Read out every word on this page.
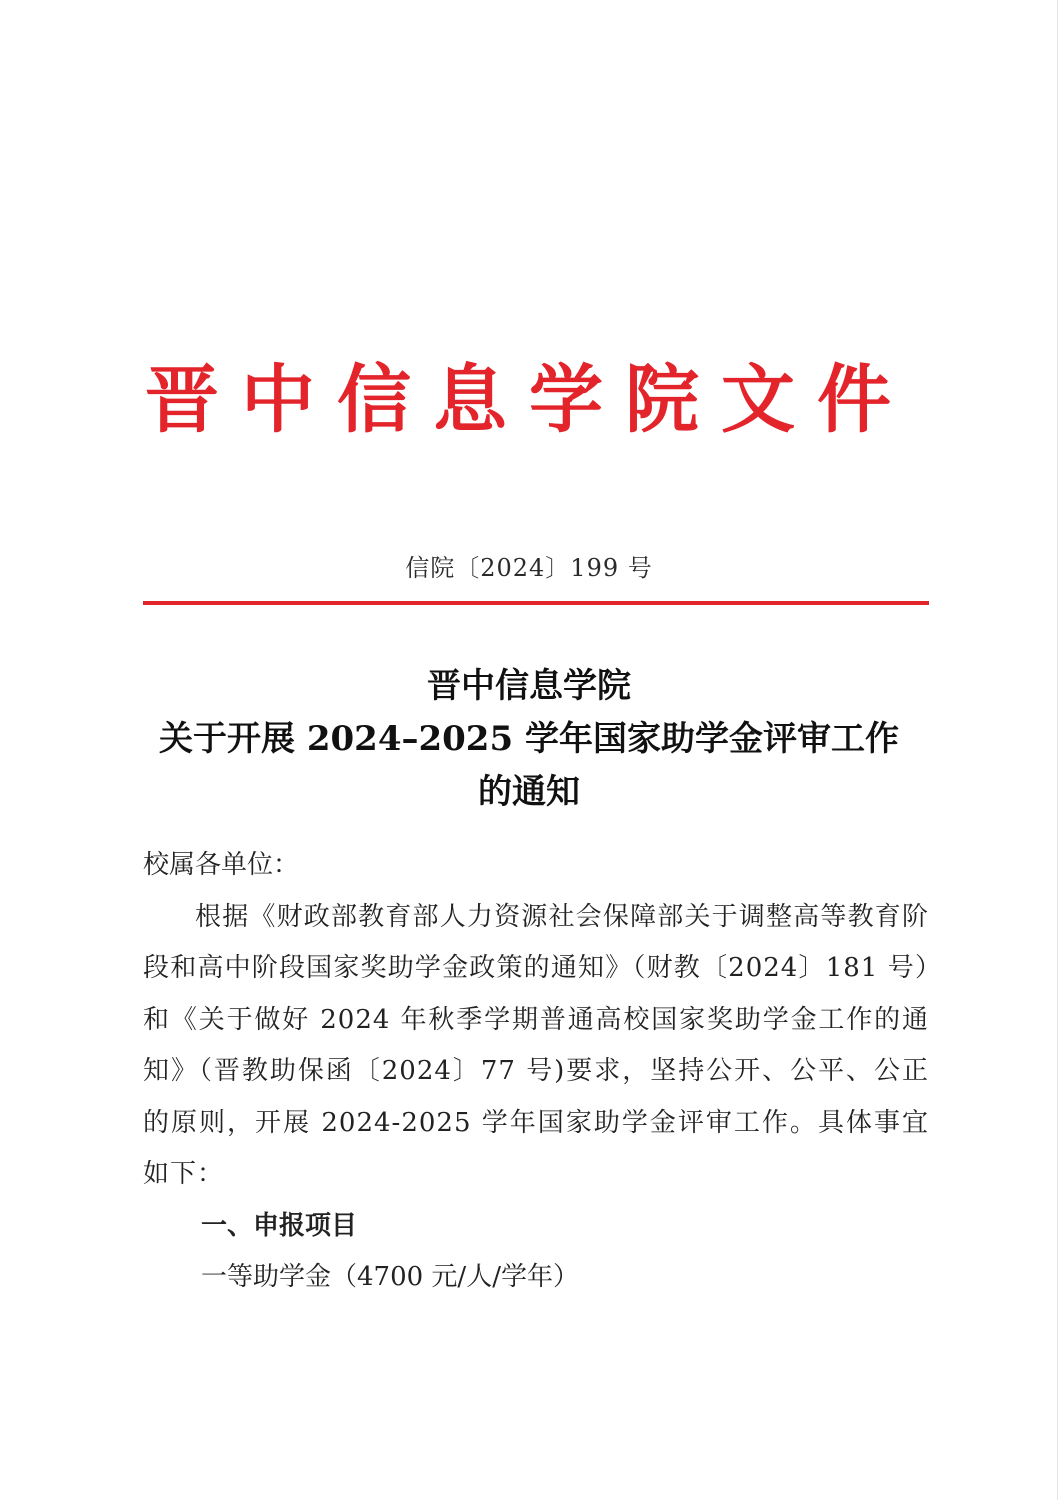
晋中信息学院文件
信院〔2024〕199 号
晋中信息学院
关于开展 2024–2025 学年国家助学金评审工作
的通知

校属各单位：

根据《财政部教育部人力资源社会保障部关于调整高等教育阶段和高中阶段国家奖助学金政策的通知》（财教〔2024〕181 号）和《关于做好 2024 年秋季学期普通高校国家奖助学金工作的通知》（晋教助保函〔2024〕77 号)要求，坚持公开、公平、公正的原则，开展 2024-2025 学年国家助学金评审工作。具体事宜如下：

一、申报项目

一等助学金（4700 元/人/学年）
